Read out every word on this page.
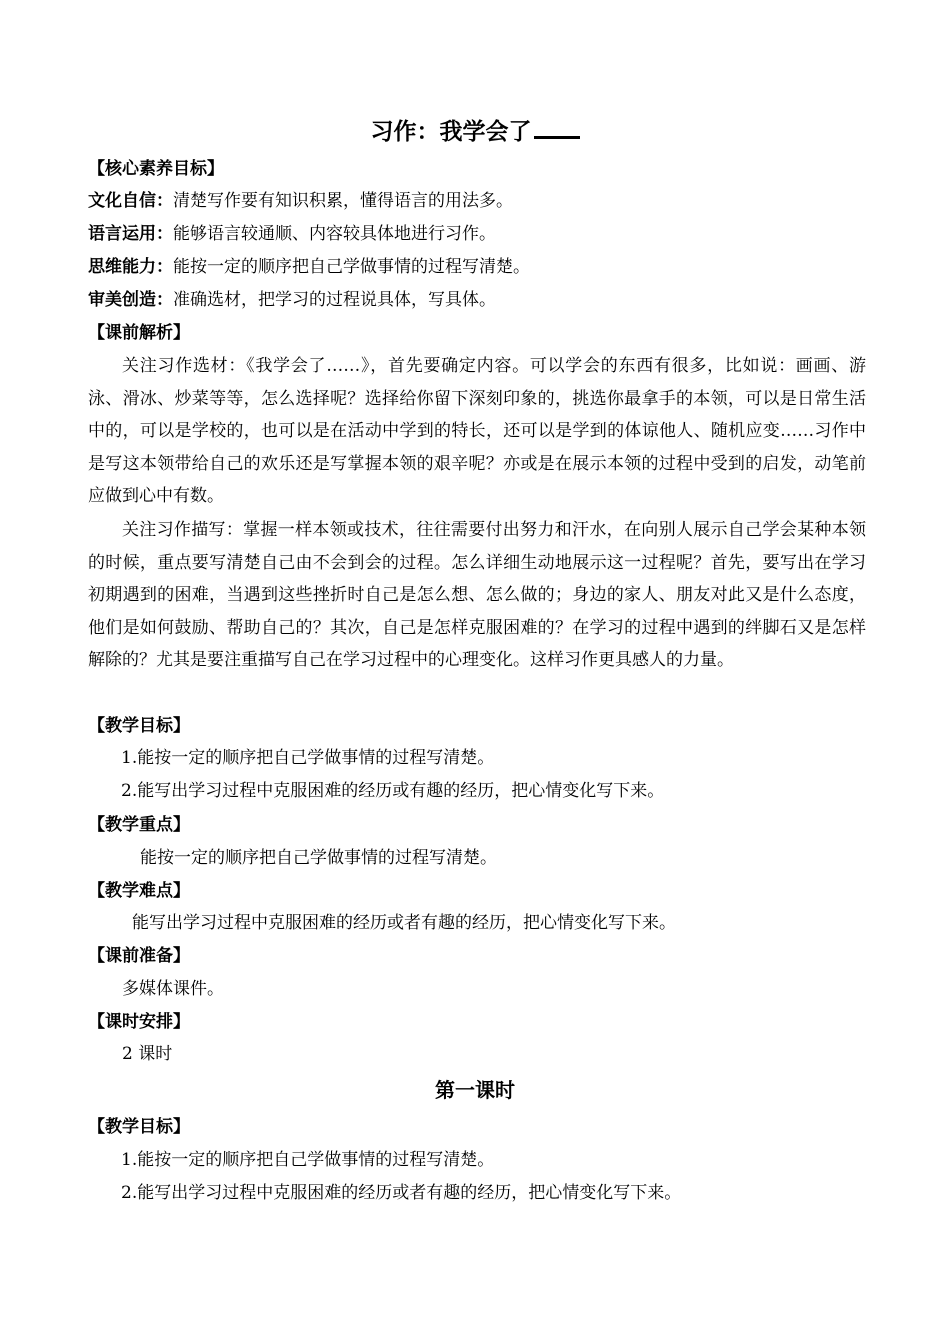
习作：我学会了
【核心素养目标】
文化自信：清楚写作要有知识积累，懂得语言的用法多。
语言运用：能够语言较通顺、内容较具体地进行习作。
思维能力：能按一定的顺序把自己学做事情的过程写清楚。
审美创造：准确选材，把学习的过程说具体，写具体。
【课前解析】

关注习作选材：《我学会了……》，首先要确定内容。可以学会的东西有很多，比如说：画画、游泳、滑冰、炒菜等等，怎么选择呢？选择给你留下深刻印象的，挑选你最拿手的本领，可以是日常生活中的，可以是学校的，也可以是在活动中学到的特长，还可以是学到的体谅他人、随机应变……习作中是写这本领带给自己的欢乐还是写掌握本领的艰辛呢？亦或是在展示本领的过程中受到的启发，动笔前应做到心中有数。

关注习作描写：掌握一样本领或技术，往往需要付出努力和汗水，在向别人展示自己学会某种本领的时候，重点要写清楚自己由不会到会的过程。怎么详细生动地展示这一过程呢？首先，要写出在学习初期遇到的困难，当遇到这些挫折时自己是怎么想、怎么做的；身边的家人、朋友对此又是什么态度，他们是如何鼓励、帮助自己的？其次，自己是怎样克服困难的？在学习的过程中遇到的绊脚石又是怎样解除的？尤其是要注重描写自己在学习过程中的心理变化。这样习作更具感人的力量。

【教学目标】
1.能按一定的顺序把自己学做事情的过程写清楚。
2.能写出学习过程中克服困难的经历或有趣的经历，把心情变化写下来。
【教学重点】
能按一定的顺序把自己学做事情的过程写清楚。
【教学难点】
能写出学习过程中克服困难的经历或者有趣的经历，把心情变化写下来。
【课前准备】
多媒体课件。
【课时安排】
2 课时
第一课时
【教学目标】
1.能按一定的顺序把自己学做事情的过程写清楚。
2.能写出学习过程中克服困难的经历或者有趣的经历，把心情变化写下来。
